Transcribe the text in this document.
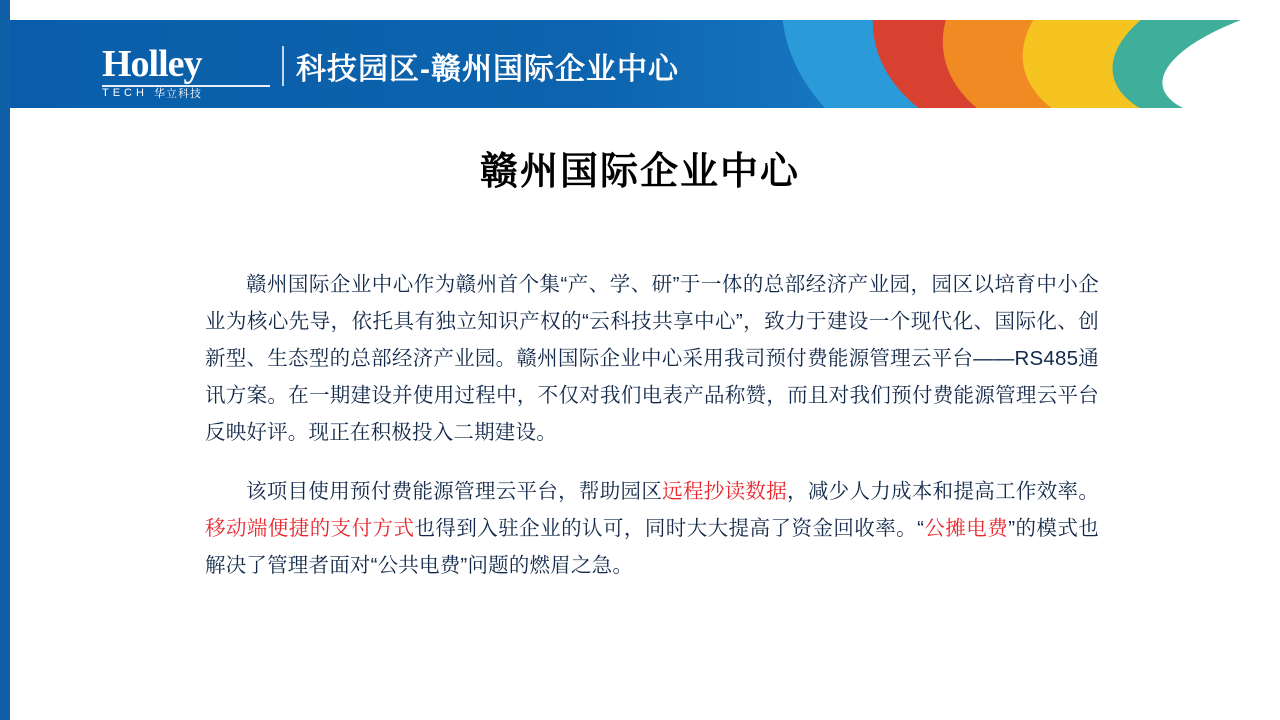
Holley
TECH 华立科技
科技园区-赣州国际企业中心
赣州国际企业中心

赣州国际企业中心作为赣州首个集“产、学、研”于一体的总部经济产业园，园区以培育中小企业为核心先导，依托具有独立知识产权的“云科技共享中心”，致力于建设一个现代化、国际化、创新型、生态型的总部经济产业园。赣州国际企业中心采用我司预付费能源管理云平台——RS485通讯方案。在一期建设并使用过程中，不仅对我们电表产品称赞，而且对我们预付费能源管理云平台反映好评。现正在积极投入二期建设。

该项目使用预付费能源管理云平台，帮助园区远程抄读数据，减少人力成本和提高工作效率。移动端便捷的支付方式也得到入驻企业的认可，同时大大提高了资金回收率。“公摊电费”的模式也解决了管理者面对“公共电费”问题的燃眉之急。
